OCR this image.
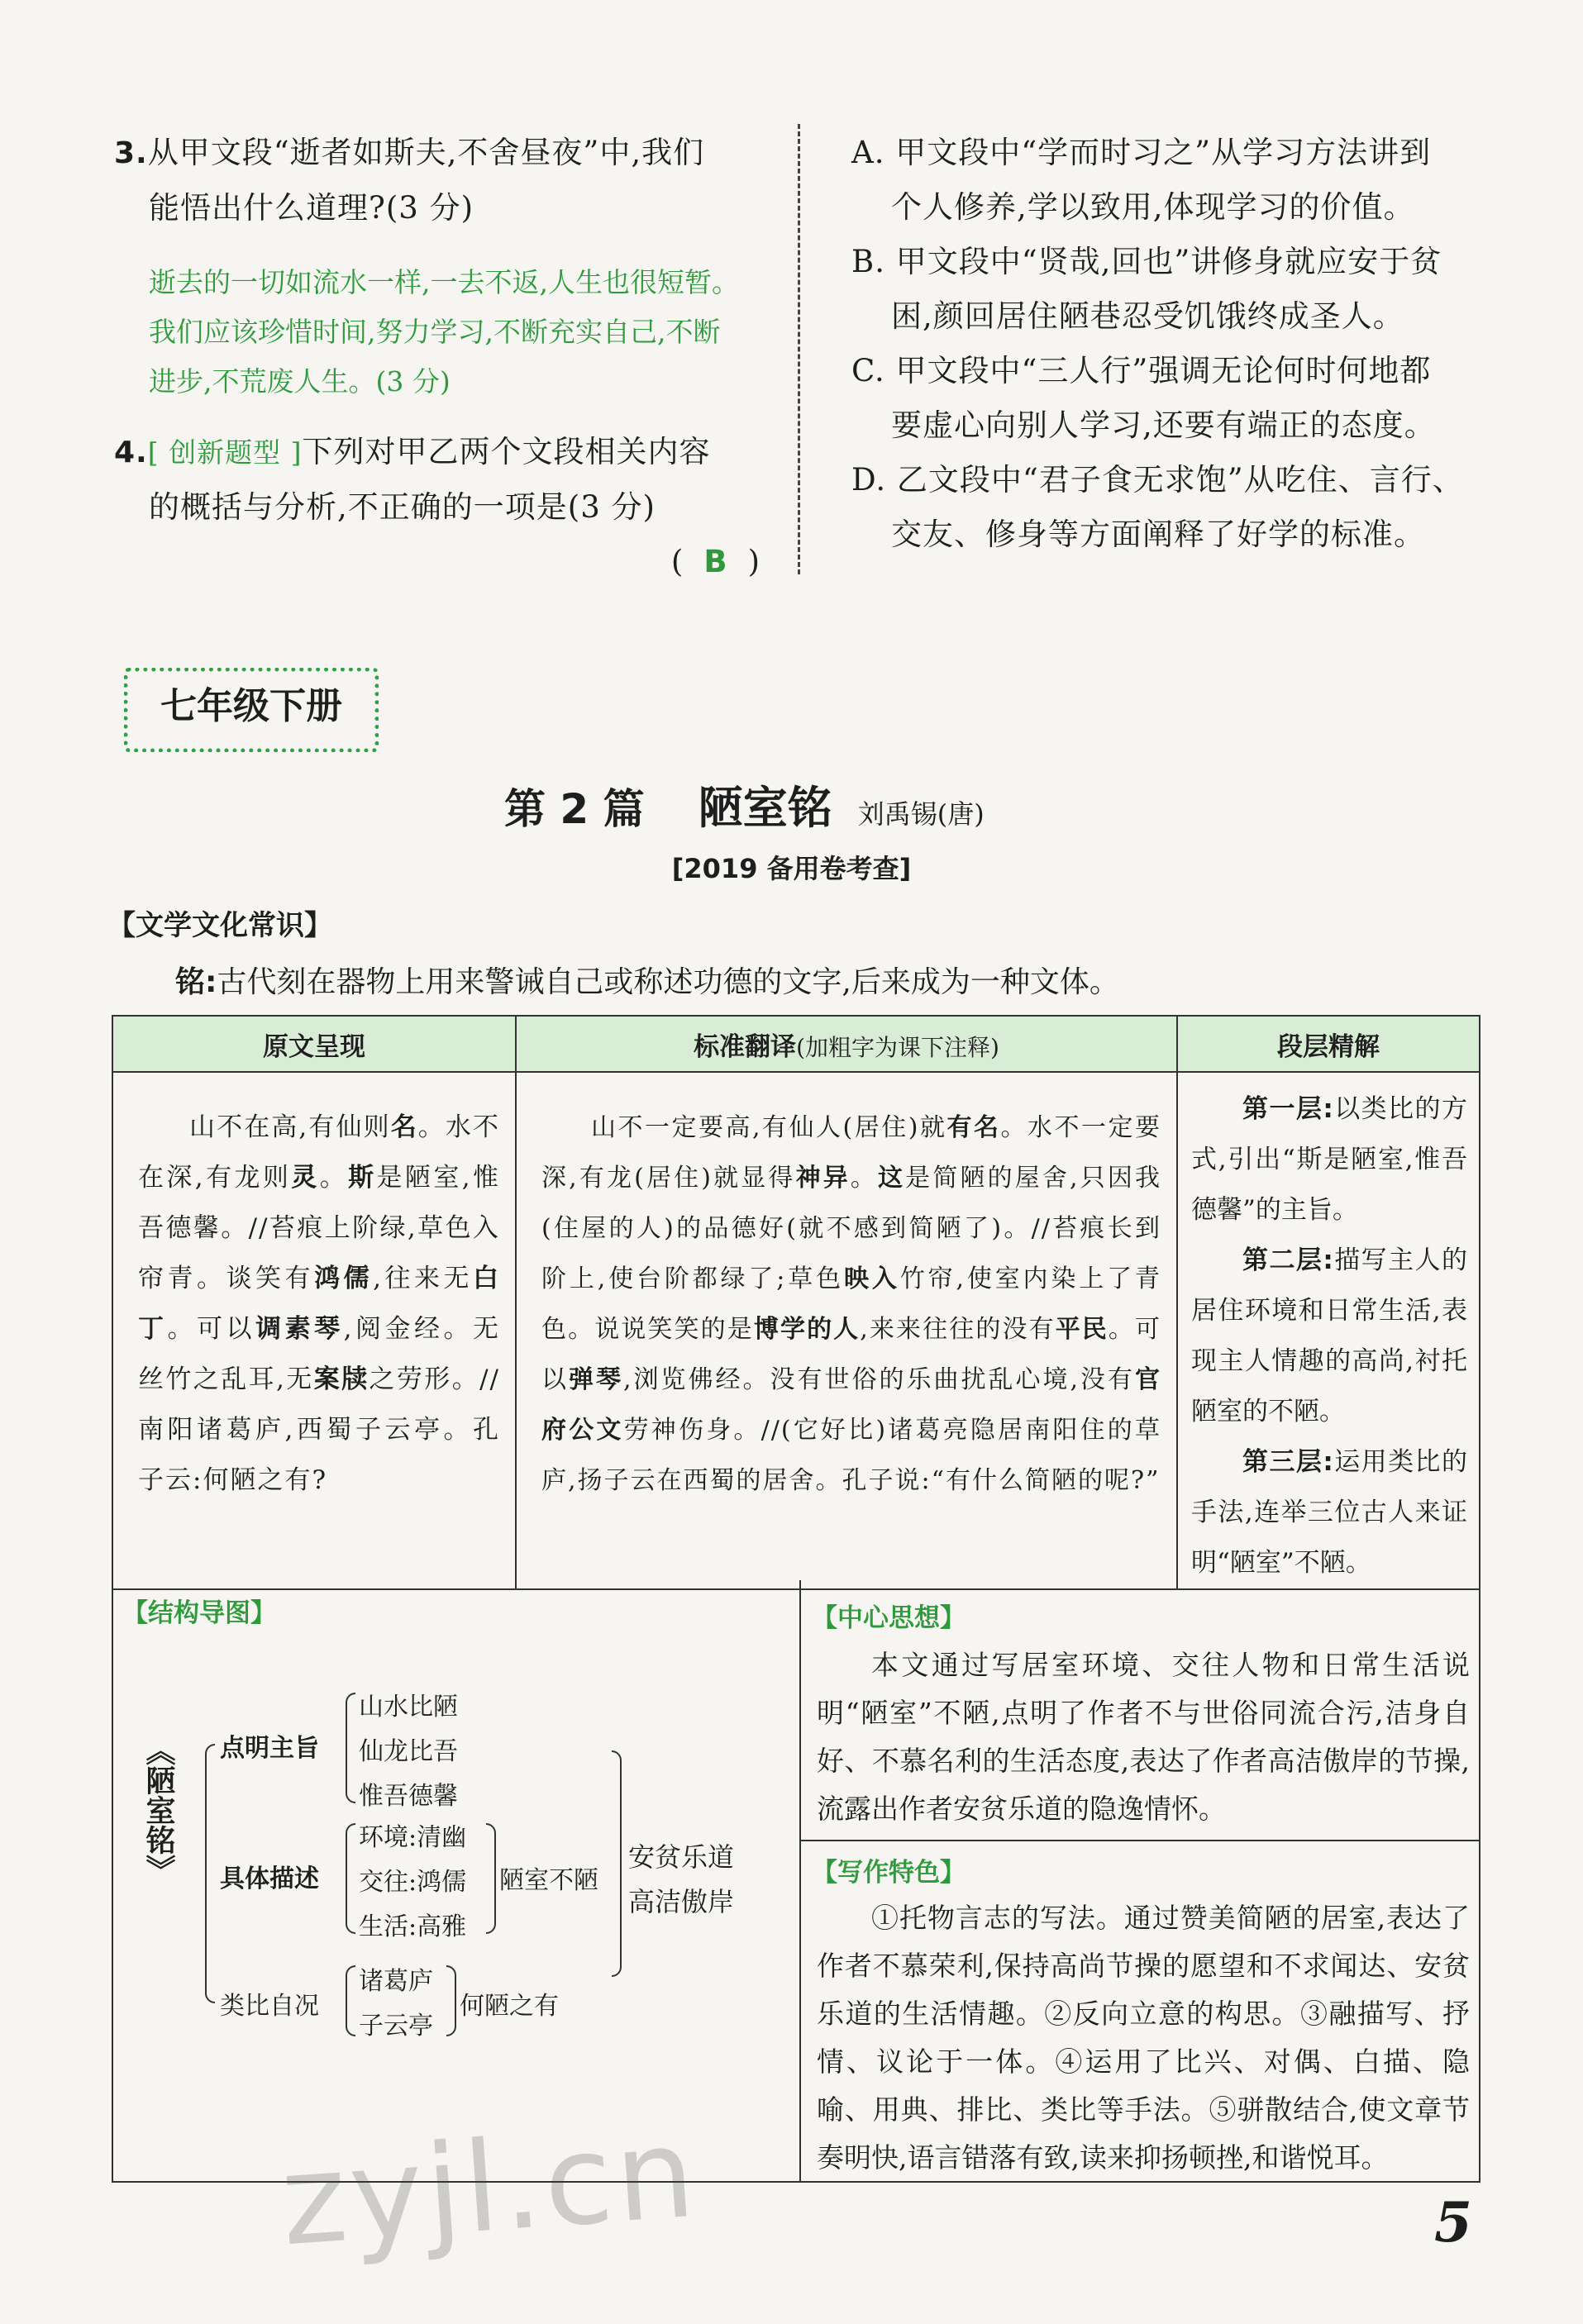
3.从甲文段“逝者如斯夫,不舍昼夜”中,我们
能悟出什么道理?(3 分)
逝去的一切如流水一样,一去不返,人生也很短暂。
我们应该珍惜时间,努力学习,不断充实自己,不断
进步,不荒废人生。(3 分)
4.[ 创新题型 ]下列对甲乙两个文段相关内容
的概括与分析,不正确的一项是(3 分)
( B )
A. 甲文段中“学而时习之”从学习方法讲到
个人修养,学以致用,体现学习的价值。
B. 甲文段中“贤哉,回也”讲修身就应安于贫
困,颜回居住陋巷忍受饥饿终成圣人。
C. 甲文段中“三人行”强调无论何时何地都
要虚心向别人学习,还要有端正的态度。
D. 乙文段中“君子食无求饱”从吃住、言行、
交友、修身等方面阐释了好学的标准。
七年级下册
第 2 篇 陋室铭 刘禹锡(唐)
[2019 备用卷考查]
【文学文化常识】
铭:古代刻在器物上用来警诫自己或称述功德的文字,后来成为一种文体。
原文呈现	标准翻译(加粗字为课下注释)	段层精解

山不在高,有仙则名。水不在深,有龙则灵。斯是陋室,惟吾德馨。//苔痕上阶绿,草色入帘青。谈笑有鸿儒,往来无白丁。可以调素琴,阅金经。无丝竹之乱耳,无案牍之劳形。//南阳诸葛庐,西蜀子云亭。孔子云:何陋之有?	山不一定要高,有仙人(居住)就有名。水不一定要深,有龙(居住)就显得神异。这是简陋的屋舍,只因我(住屋的人)的品德好(就不感到简陋了)。//苔痕长到阶上,使台阶都绿了;草色映入竹帘,使室内染上了青色。说说笑笑的是博学的人,来来往往的没有平民。可以弹琴,浏览佛经。没有世俗的乐曲扰乱心境,没有官府公文劳神伤身。//(它好比)诸葛亮隐居南阳住的草庐,扬子云在西蜀的居舍。孔子说:“有什么简陋的呢?”	第一层:以类比的方式,引出“斯是陋室,惟吾德馨”的主旨。
第二层:描写主人的居住环境和日常生活,表现主人情趣的高尚,衬托陋室的不陋。
第三层:运用类比的手法,连举三位古人来证明“陋室”不陋。
【结构导图】
《陋室铭》 点明主旨
山水比陋
仙龙比吾
惟吾德馨
具体描述
环境:清幽
交往:鸿儒
生活:高雅
陋室不陋
类比自况
诸葛庐
子云亭
何陋之有
安贫乐道
高洁傲岸
【中心思想】
本文通过写居室环境、交往人物和日常生活说明“陋室”不陋,点明了作者不与世俗同流合污,洁身自好、不慕名利的生活态度,表达了作者高洁傲岸的节操,流露出作者安贫乐道的隐逸情怀。
【写作特色】
①托物言志的写法。通过赞美简陋的居室,表达了作者不慕荣利,保持高尚节操的愿望和不求闻达、安贫乐道的生活情趣。②反向立意的构思。③融描写、抒情、议论于一体。④运用了比兴、对偶、白描、隐喻、用典、排比、类比等手法。⑤骈散结合,使文章节奏明快,语言错落有致,读来抑扬顿挫,和谐悦耳。
zyjl.cn	5
